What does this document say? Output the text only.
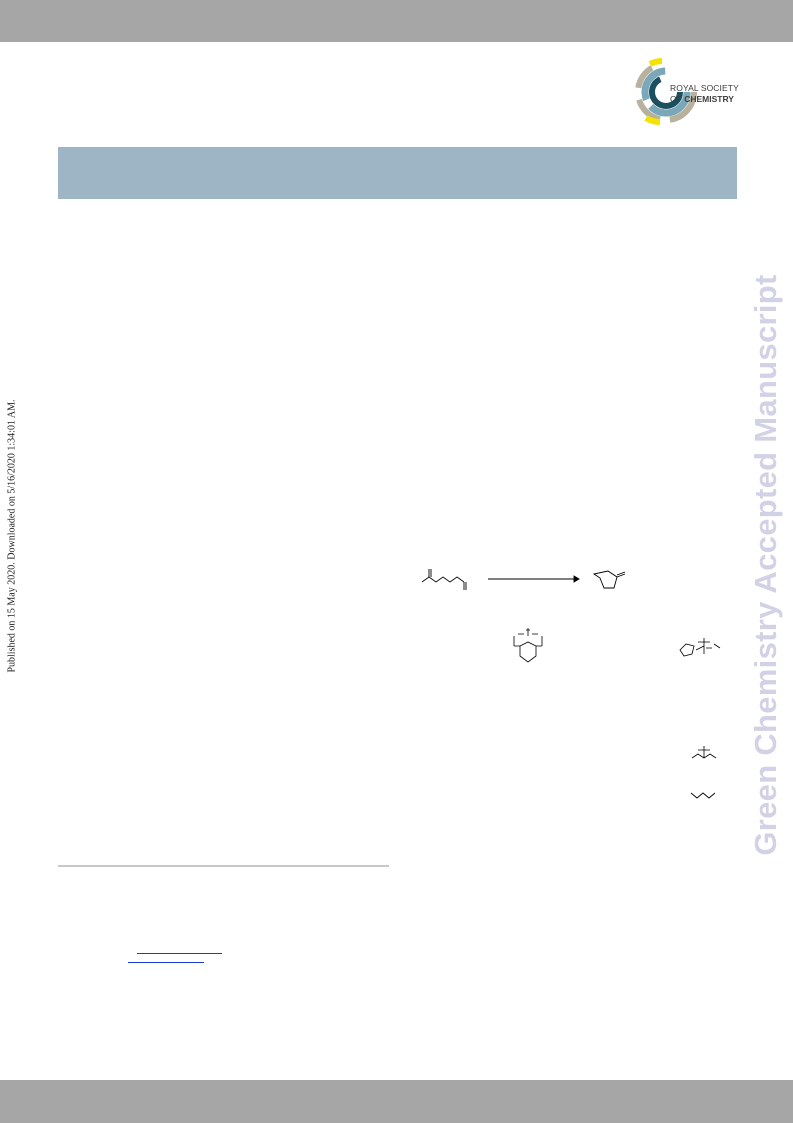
ROYAL SOCIETY
OF CHEMISTRY
Published on 15 May 2020. Downloaded on 5/16/2020 1:34:01 AM.	Green Chemistry Accepted Manuscript
